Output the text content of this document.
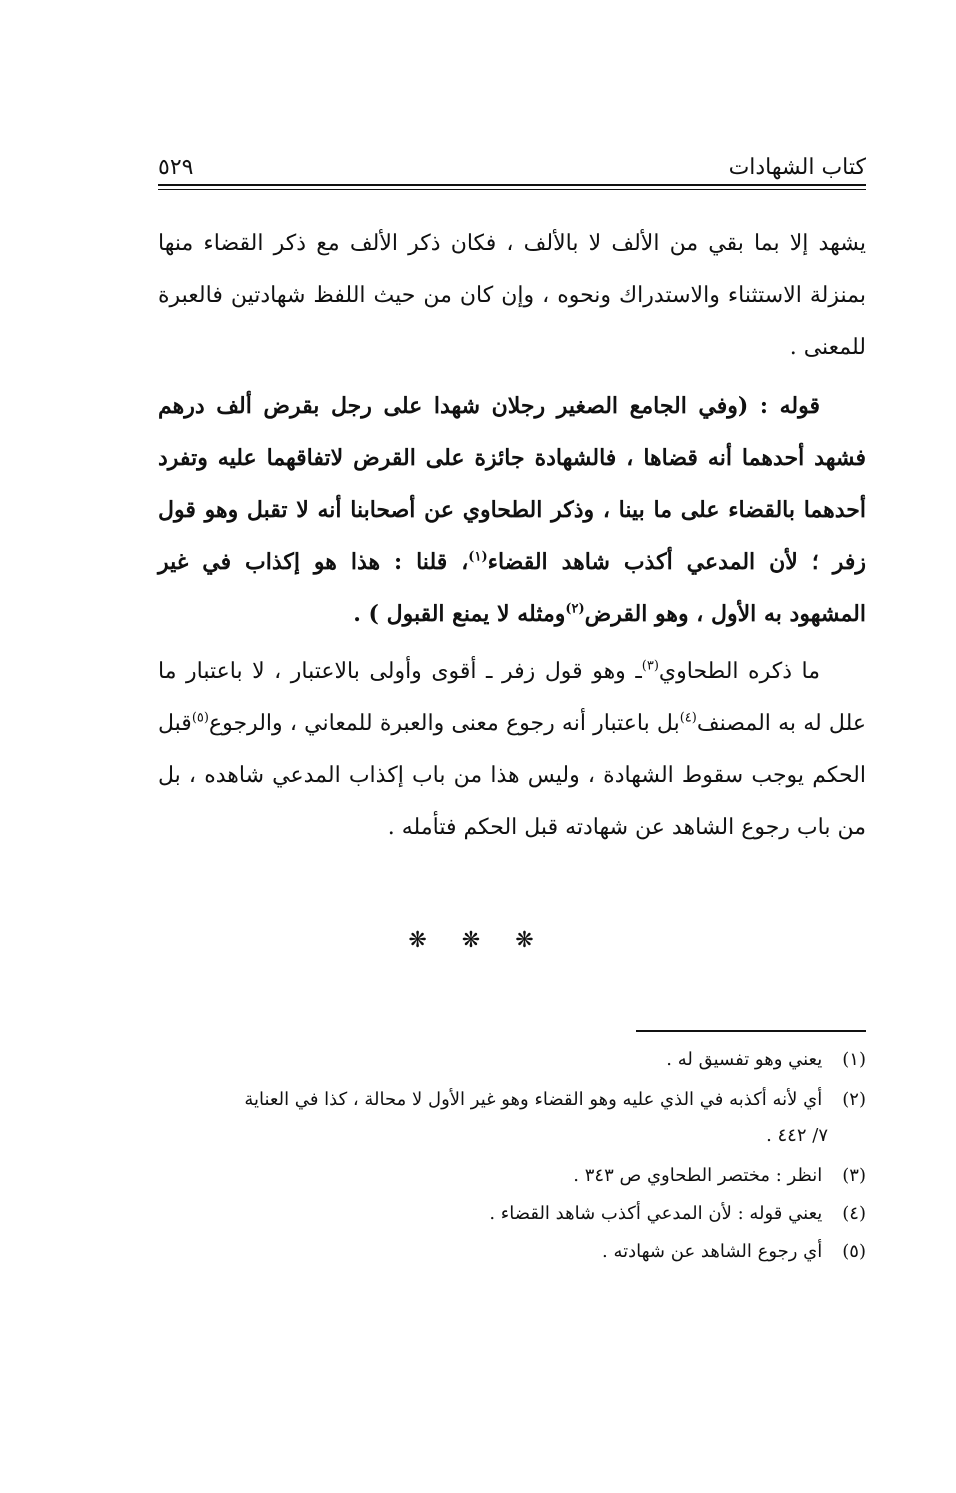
كتاب الشهادات
٥٢٩

يشهد إلا بما بقي من الألف لا بالألف ، فكان ذكر الألف مع ذكر القضاء منها بمنزلة الاستثناء والاستدراك ونحوه ، وإن كان من حيث اللفظ شهادتين فالعبرة للمعنى .

قوله : (وفي الجامع الصغير رجلان شهدا على رجل بقرض ألف درهم فشهد أحدهما أنه قضاها ، فالشهادة جائزة على القرض لاتفاقهما عليه وتفرد أحدهما بالقضاء على ما بينا ، وذكر الطحاوي عن أصحابنا أنه لا تقبل وهو قول زفر ؛ لأن المدعي أكذب شاهد القضاء$^{(١)}$، قلنا : هذا هو إكذاب في غير المشهود به الأول ، وهو القرض$^{(٢)}$ومثله لا يمنع القبول ) .

ما ذكره الطحاوي$^{(٣)}$ـ وهو قول زفر ـ أقوى وأولى بالاعتبار ، لا باعتبار ما علل له به المصنف$^{(٤)}$بل باعتبار أنه رجوع معنى والعبرة للمعاني ، والرجوع$^{(٥)}$قبل الحكم يوجب سقوط الشهادة ، وليس هذا من باب إكذاب المدعي شاهده ، بل من باب رجوع الشاهد عن شهادته قبل الحكم فتأمله .

❋ ❋ ❋

(١) يعني وهو تفسيق له .

(٢) أي لأنه أكذبه في الذي عليه وهو القضاء وهو غير الأول لا محالة ، كذا في العناية

٧/ ٤٤٢ .

(٣) انظر : مختصر الطحاوي ص ٣٤٣ .

(٤) يعني قوله : لأن المدعي أكذب شاهد القضاء .

(٥) أي رجوع الشاهد عن شهادته .
